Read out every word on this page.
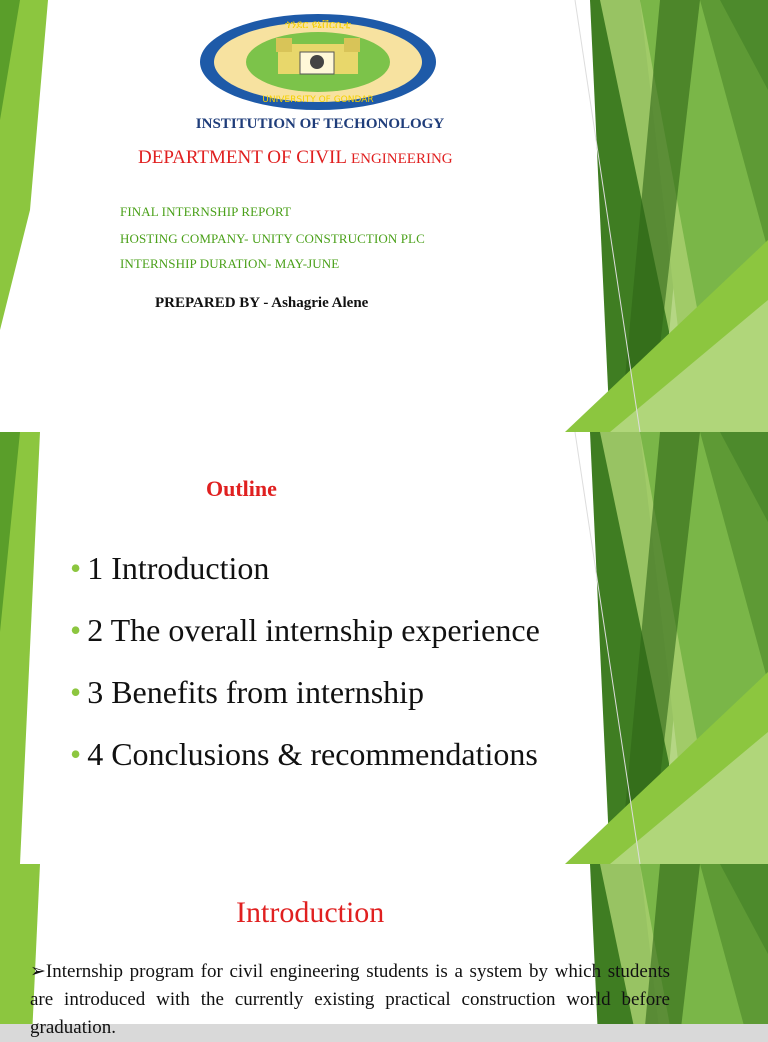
ጎንደር ዩኒቨርሲቲ
UNIVERSITY OF GONDAR
INSTITUTION OF TECHONOLOGY
DEPARTMENT OF CIVIL ENGINEERING
FINAL INTERNSHIP REPORT
HOSTING COMPANY- UNITY CONSTRUCTION PLC
INTERNSHIP DURATION- MAY-JUNE
PREPARED BY - Ashagrie Alene
Outline
• 1 Introduction
• 2 The overall internship experience
• 3 Benefits from internship
• 4 Conclusions & recommendations
Introduction
➢Internship program for civil engineering students is a system by which students are introduced with the currently existing practical construction world before graduation.
